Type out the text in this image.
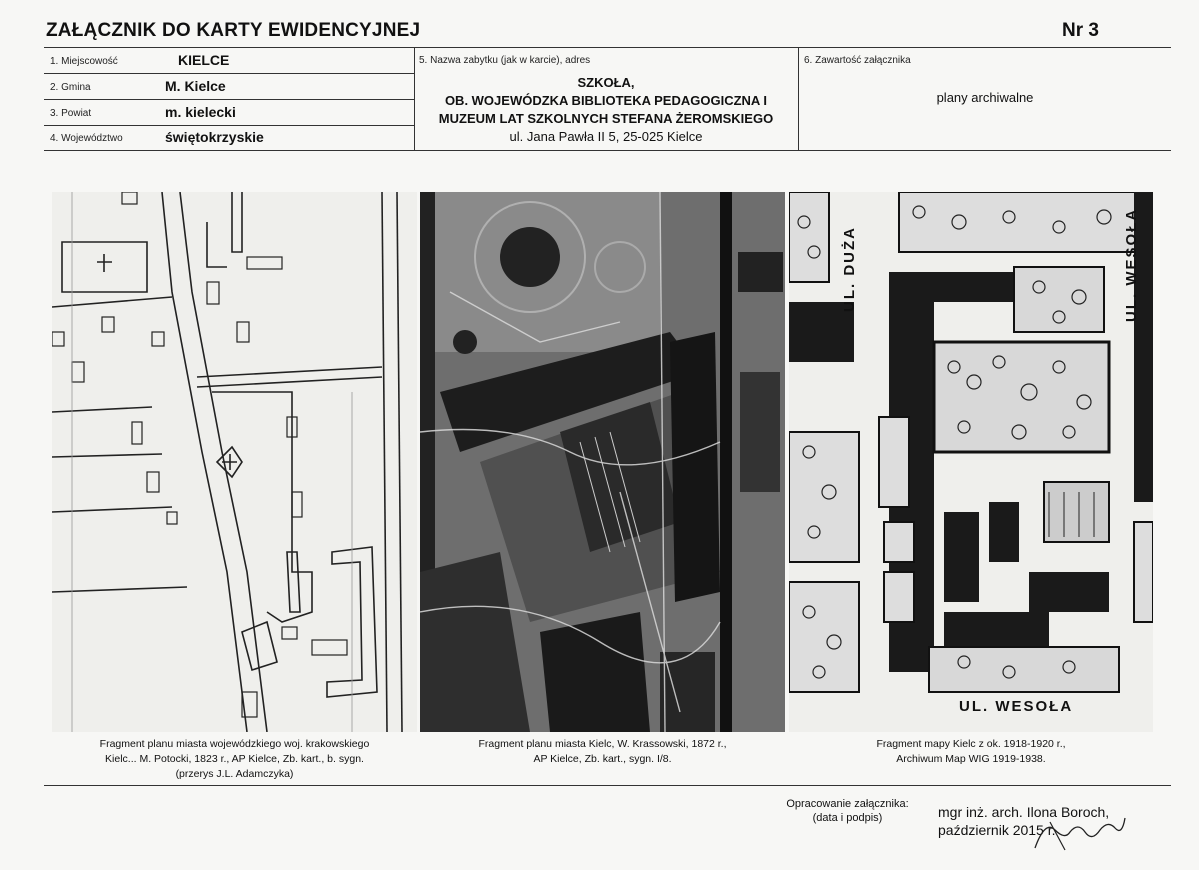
ZAŁĄCZNIK DO KARTY EWIDENCYJNEJ	Nr 3
1. Miejscowość	KIELCE
2. Gmina	M. Kielce
3. Powiat	m. kielecki
4. Województwo	świętokrzyskie
5. Nazwa zabytku (jak w karcie), adres
SZKOŁA,
OB. WOJEWÓDZKA BIBLIOTEKA PEDAGOGICZNA I
MUZEUM LAT SZKOLNYCH STEFANA ŻEROMSKIEGO
ul. Jana Pawła II 5, 25-025 Kielce
6. Zawartość załącznika
plany archiwalne
UL. DUŻA	UL. WESOŁA
UL. WESOŁA
Fragment planu miasta wojewódzkiego woj. krakowskiego
Kielc... M. Potocki, 1823 r., AP Kielce, Zb. kart., b. sygn.
(przerys J.L. Adamczyka)
Fragment planu miasta Kielc, W. Krassowski, 1872 r.,
AP Kielce, Zb. kart., sygn. I/8.
Fragment mapy Kielc z ok. 1918-1920 r.,
Archiwum Map WIG 1919-1938.
Opracowanie załącznika:
(data i podpis)	mgr inż. arch. Ilona Boroch,
październik 2015 r.
